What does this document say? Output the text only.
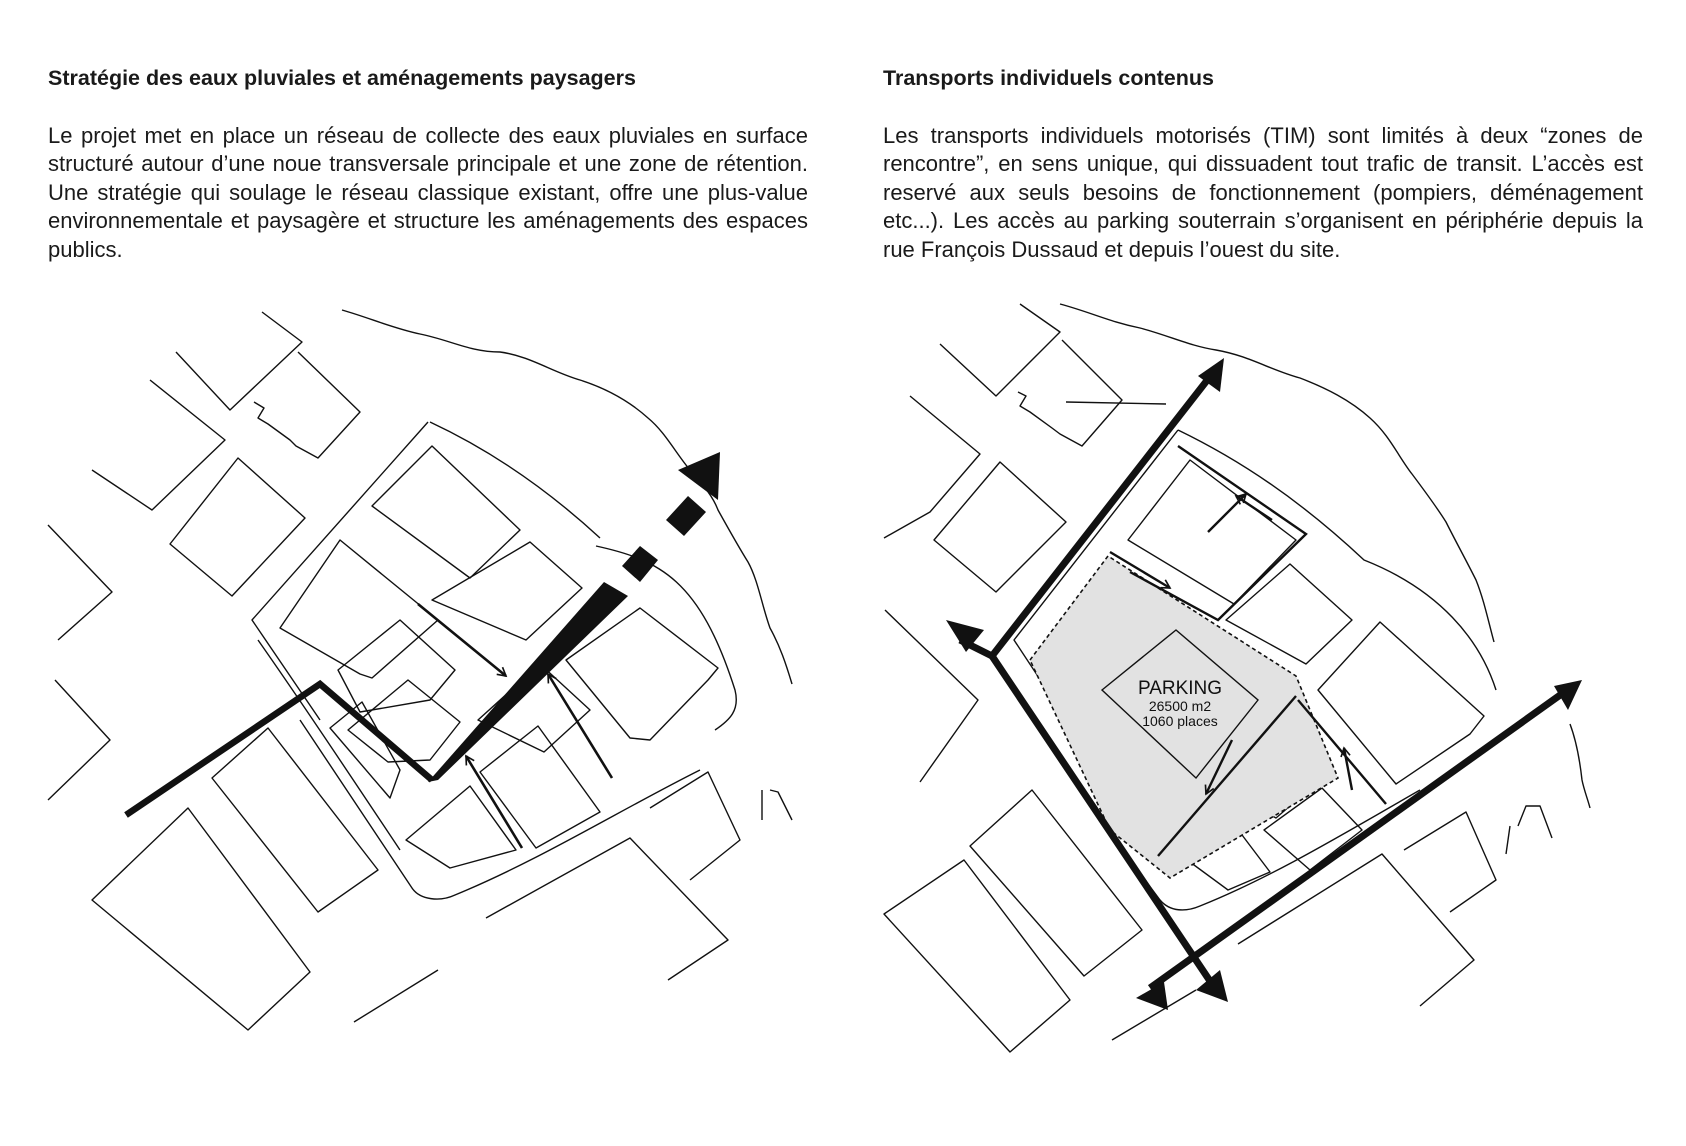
Stratégie des eaux pluviales et aménagements paysagers

Le projet met en place un réseau de collecte des eaux pluviales en surface structuré autour d’une noue transversale principale et une zone de rétention. Une stratégie qui soulage le réseau classique existant, offre une plus-value environnementale et paysagère et structure les aménagements des espaces publics.

Transports individuels contenus

Les transports individuels motorisés (TIM) sont limités à deux “zones de rencontre”, en sens unique, qui dissuadent tout trafic de transit. L’accès est reservé aux seuls besoins de fonctionnement (pompiers, déménagement etc...). Les accès au parking souterrain s’organisent en périphérie depuis la rue François Dussaud et depuis l’ouest du site.

PARKING
26500 m2
1060 places
